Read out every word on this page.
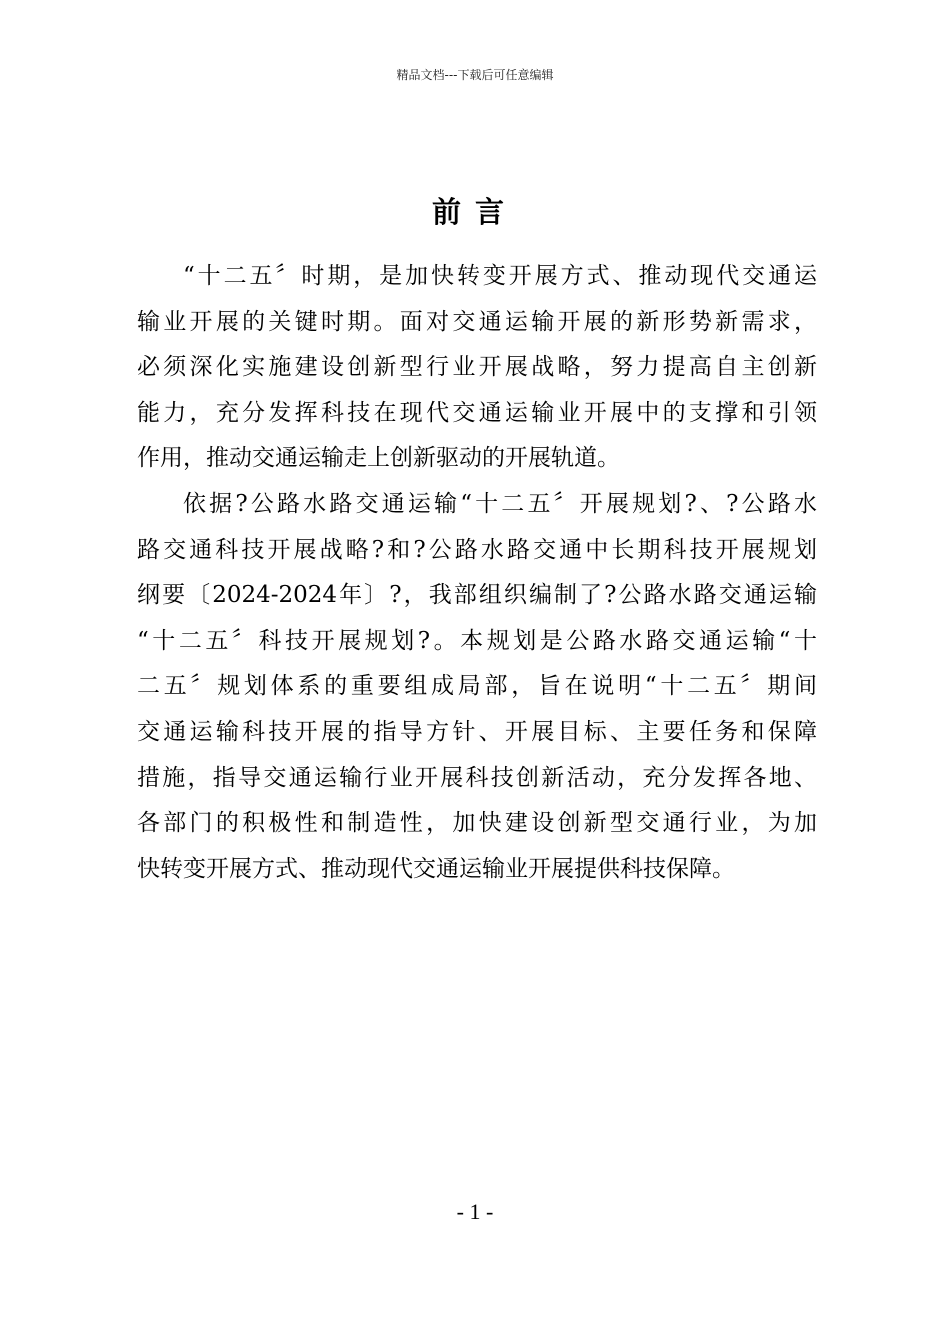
精品文档---下载后可任意编辑
前言
“十二五〞时期，是加快转变开展方式、推动现代交通运
输业开展的关键时期。面对交通运输开展的新形势新需求，
必须深化实施建设创新型行业开展战略，努力提高自主创新
能力，充分发挥科技在现代交通运输业开展中的支撑和引领
作用，推动交通运输走上创新驱动的开展轨道。
依据?公路水路交通运输“十二五〞开展规划?、?公路水
路交通科技开展战略?和?公路水路交通中长期科技开展规划
纲要〔2024-2024年〕?，我部组织编制了?公路水路交通运输
“十二五〞科技开展规划?。本规划是公路水路交通运输“十
二五〞规划体系的重要组成局部，旨在说明“十二五〞期间
交通运输科技开展的指导方针、开展目标、主要任务和保障
措施，指导交通运输行业开展科技创新活动，充分发挥各地、
各部门的积极性和制造性，加快建设创新型交通行业，为加
快转变开展方式、推动现代交通运输业开展提供科技保障。
- 1 -
